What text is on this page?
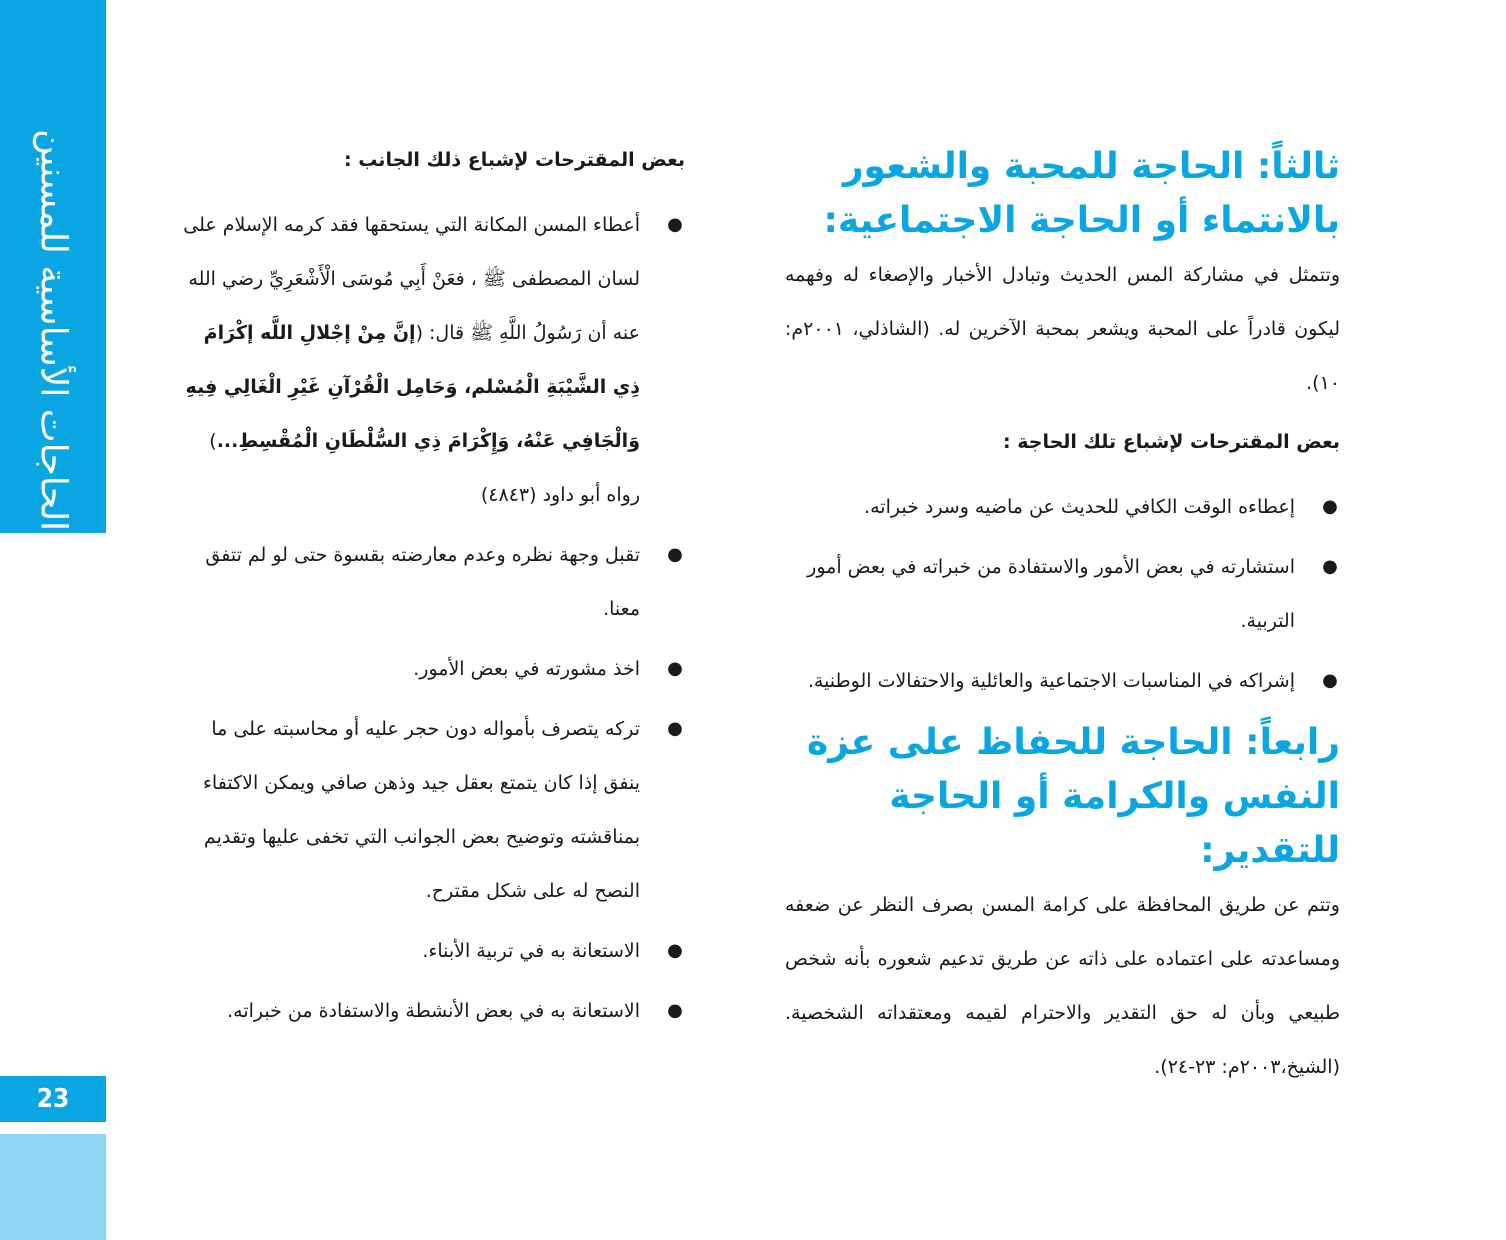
الحاجات الأساسية للمسنين
23
ثالثاً: الحاجة للمحبة والشعور بالانتماء أو الحاجة الاجتماعية:

وتتمثل في مشاركة المس الحديث وتبادل الأخبار والإصغاء له وفهمه ليكون قادراً على المحبة ويشعر بمحبة الآخرين له. (الشاذلي، ٢٠٠١م: ١٠).

بعض المقترحات لإشباع تلك الحاجة :
●
إعطاءه الوقت الكافي للحديث عن ماضيه وسرد خبراته.
●
استشارته في بعض الأمور والاستفادة من خبراته في بعض أمور التربية.
●
إشراكه في المناسبات الاجتماعية والعائلية والاحتفالات الوطنية.
رابعاً: الحاجة للحفاظ على عزة النفس والكرامة أو الحاجة للتقدير:

وتتم عن طريق المحافظة على كرامة المسن بصرف النظر عن ضعفه ومساعدته على اعتماده على ذاته عن طريق تدعيم شعوره بأنه شخص طبيعي وبأن له حق التقدير والاحترام لقيمه ومعتقداته الشخصية. (الشيخ،٢٠٠٣م: ٢٣-٢٤).

بعض المقترحات لإشباع ذلك الجانب :
●
أعطاء المسن المكانة التي يستحقها فقد كرمه الإسلام على لسان المصطفى ﷺ ، فعَنْ أَبِي مُوسَى الْأَشْعَرِيِّ رضي الله عنه أن رَسُولُ اللَّهِ ﷺ قال: (إنَّ مِنْ إجْلالِ اللَّه إكْرَامَ ذِي الشَّيْبَةِ الْمُسْلم، وَحَامِل الْقُرْآنِ غَيْرِ الْغَالِي فِيهِ وَالْجَافِي عَنْهُ، وَإِكْرَامَ ذِي السُّلْطَانِ الْمُقْسِطِ...) رواه أبو داود (٤٨٤٣)
●
تقبل وجهة نظره وعدم معارضته بقسوة حتى لو لم تتفق معنا.
●
اخذ مشورته في بعض الأمور.
●
تركه يتصرف بأمواله دون حجر عليه أو محاسبته على ما ينفق إذا كان يتمتع بعقل جيد وذهن صافي ويمكن الاكتفاء بمناقشته وتوضيح بعض الجوانب التي تخفى عليها وتقديم النصح له على شكل مقترح.
●
الاستعانة به في تربية الأبناء.
●
الاستعانة به في بعض الأنشطة والاستفادة من خبراته.
